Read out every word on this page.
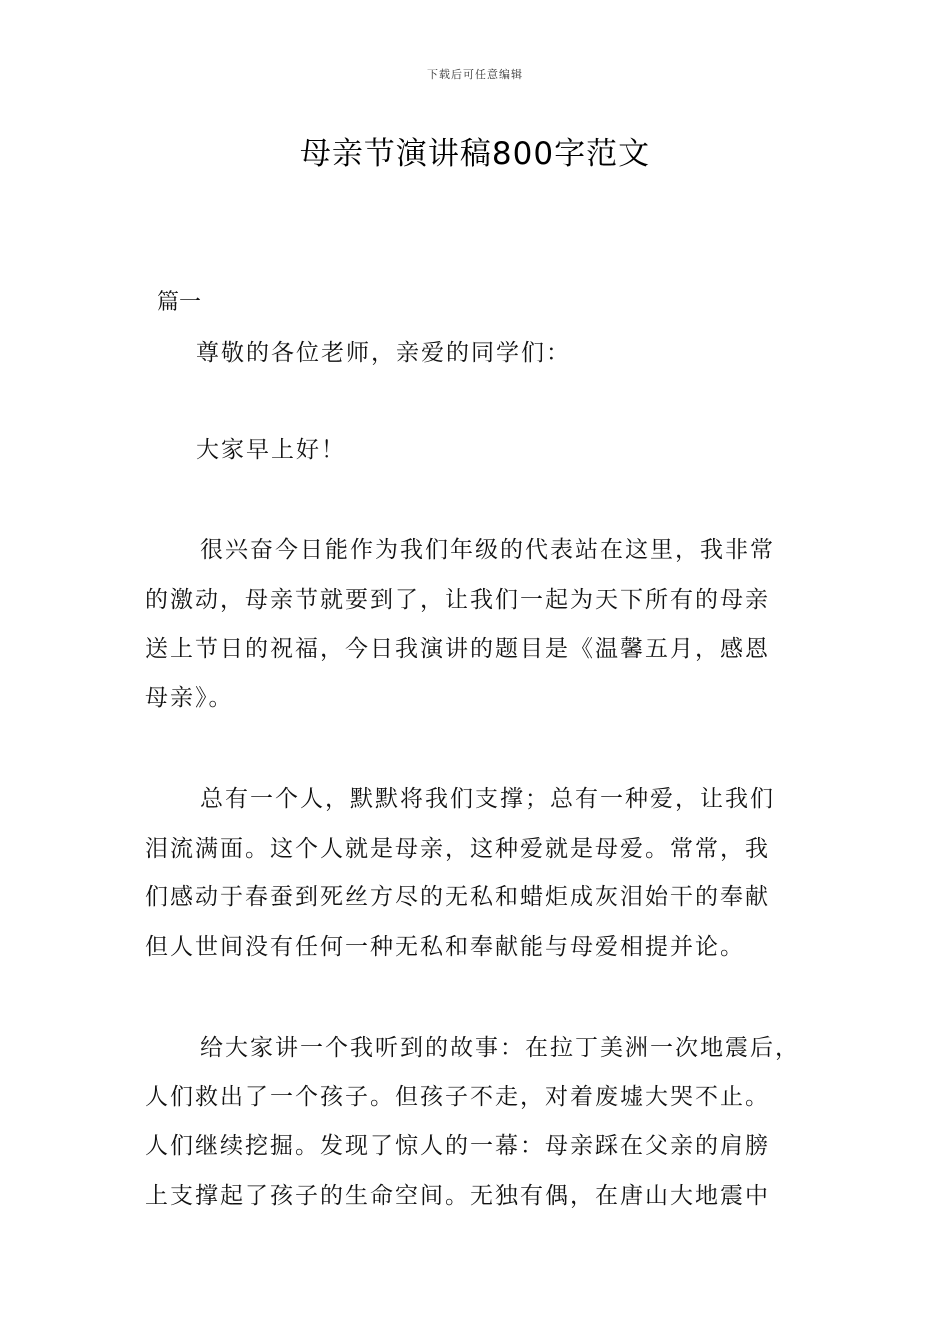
下载后可任意编辑
母亲节演讲稿800字范文
篇一
尊敬的各位老师，亲爱的同学们：
大家早上好！
很兴奋今日能作为我们年级的代表站在这里，我非常
的激动，母亲节就要到了，让我们一起为天下所有的母亲
送上节日的祝福，今日我演讲的题目是《温馨五月，感恩
母亲》。
总有一个人，默默将我们支撑；总有一种爱，让我们
泪流满面。这个人就是母亲，这种爱就是母爱。常常，我
们感动于春蚕到死丝方尽的无私和蜡炬成灰泪始干的奉献
但人世间没有任何一种无私和奉献能与母爱相提并论。
给大家讲一个我听到的故事：在拉丁美洲一次地震后，
人们救出了一个孩子。但孩子不走，对着废墟大哭不止。
人们继续挖掘。发现了惊人的一幕：母亲踩在父亲的肩膀
上支撑起了孩子的生命空间。无独有偶，在唐山大地震中
